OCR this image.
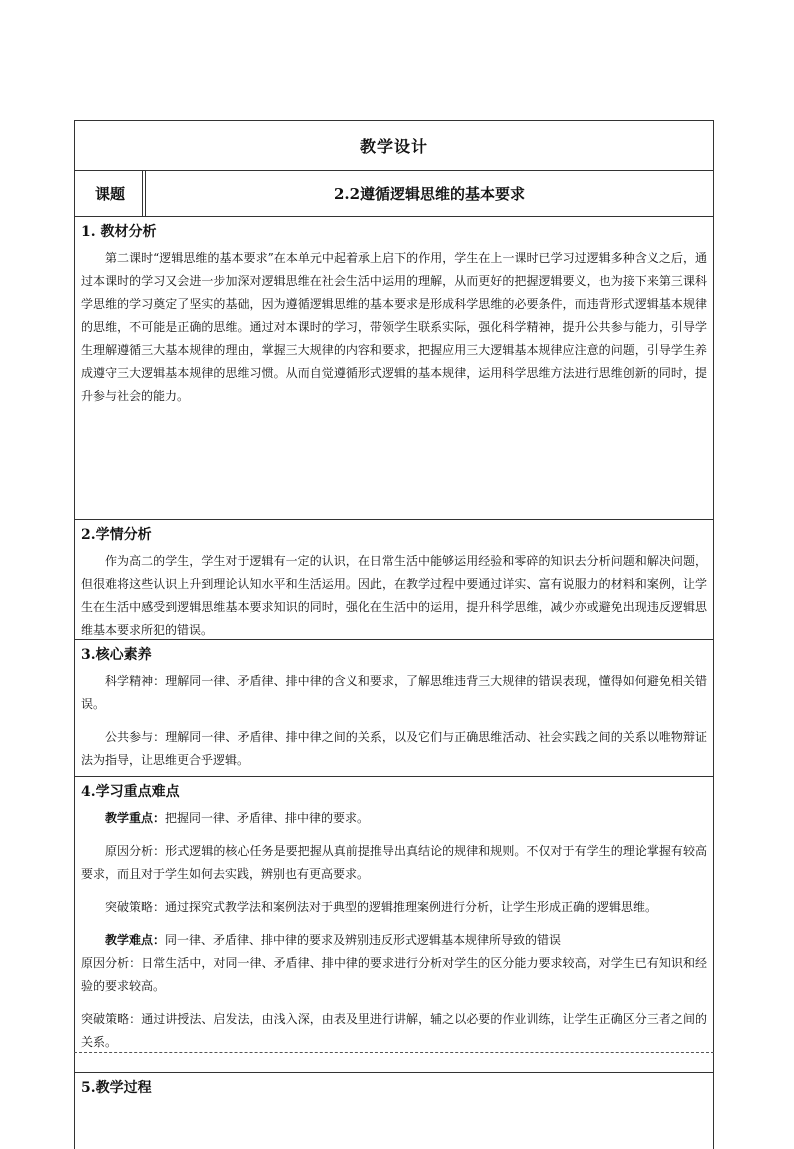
教学设计
课题	2.2遵循逻辑思维的基本要求
1. 教材分析

第二课时“逻辑思维的基本要求”在本单元中起着承上启下的作用，学生在上一课时已学习过逻辑多种含义之后，通过本课时的学习又会进一步加深对逻辑思维在社会生活中运用的理解，从而更好的把握逻辑要义，也为接下来第三课科学思维的学习奠定了坚实的基础，因为遵循逻辑思维的基本要求是形成科学思维的必要条件，而违背形式逻辑基本规律的思维，不可能是正确的思维。通过对本课时的学习，带领学生联系实际，强化科学精神，提升公共参与能力，引导学生理解遵循三大基本规律的理由，掌握三大规律的内容和要求，把握应用三大逻辑基本规律应注意的问题，引导学生养成遵守三大逻辑基本规律的思维习惯。从而自觉遵循形式逻辑的基本规律，运用科学思维方法进行思维创新的同时，提升参与社会的能力。

2.学情分析

作为高二的学生，学生对于逻辑有一定的认识，在日常生活中能够运用经验和零碎的知识去分析问题和解决问题，但很难将这些认识上升到理论认知水平和生活运用。因此，在教学过程中要通过详实、富有说服力的材料和案例，让学生在生活中感受到逻辑思维基本要求知识的同时，强化在生活中的运用，提升科学思维，减少亦或避免出现违反逻辑思维基本要求所犯的错误。

3.核心素养

科学精神：理解同一律、矛盾律、排中律的含义和要求，了解思维违背三大规律的错误表现，懂得如何避免相关错误。

公共参与：理解同一律、矛盾律、排中律之间的关系，以及它们与正确思维活动、社会实践之间的关系以唯物辩证法为指导，让思维更合乎逻辑。

4.学习重点难点

教学重点：把握同一律、矛盾律、排中律的要求。

原因分析：形式逻辑的核心任务是要把握从真前提推导出真结论的规律和规则。不仅对于有学生的理论掌握有较高要求，而且对于学生如何去实践，辨别也有更高要求。

突破策略：通过探究式教学法和案例法对于典型的逻辑推理案例进行分析，让学生形成正确的逻辑思维。

教学难点：同一律、矛盾律、排中律的要求及辨别违反形式逻辑基本规律所导致的错误

原因分析：日常生活中，对同一律、矛盾律、排中律的要求进行分析对学生的区分能力要求较高，对学生已有知识和经验的要求较高。

突破策略：通过讲授法、启发法，由浅入深，由表及里进行讲解，辅之以必要的作业训练，让学生正确区分三者之间的关系。

5.教学过程
